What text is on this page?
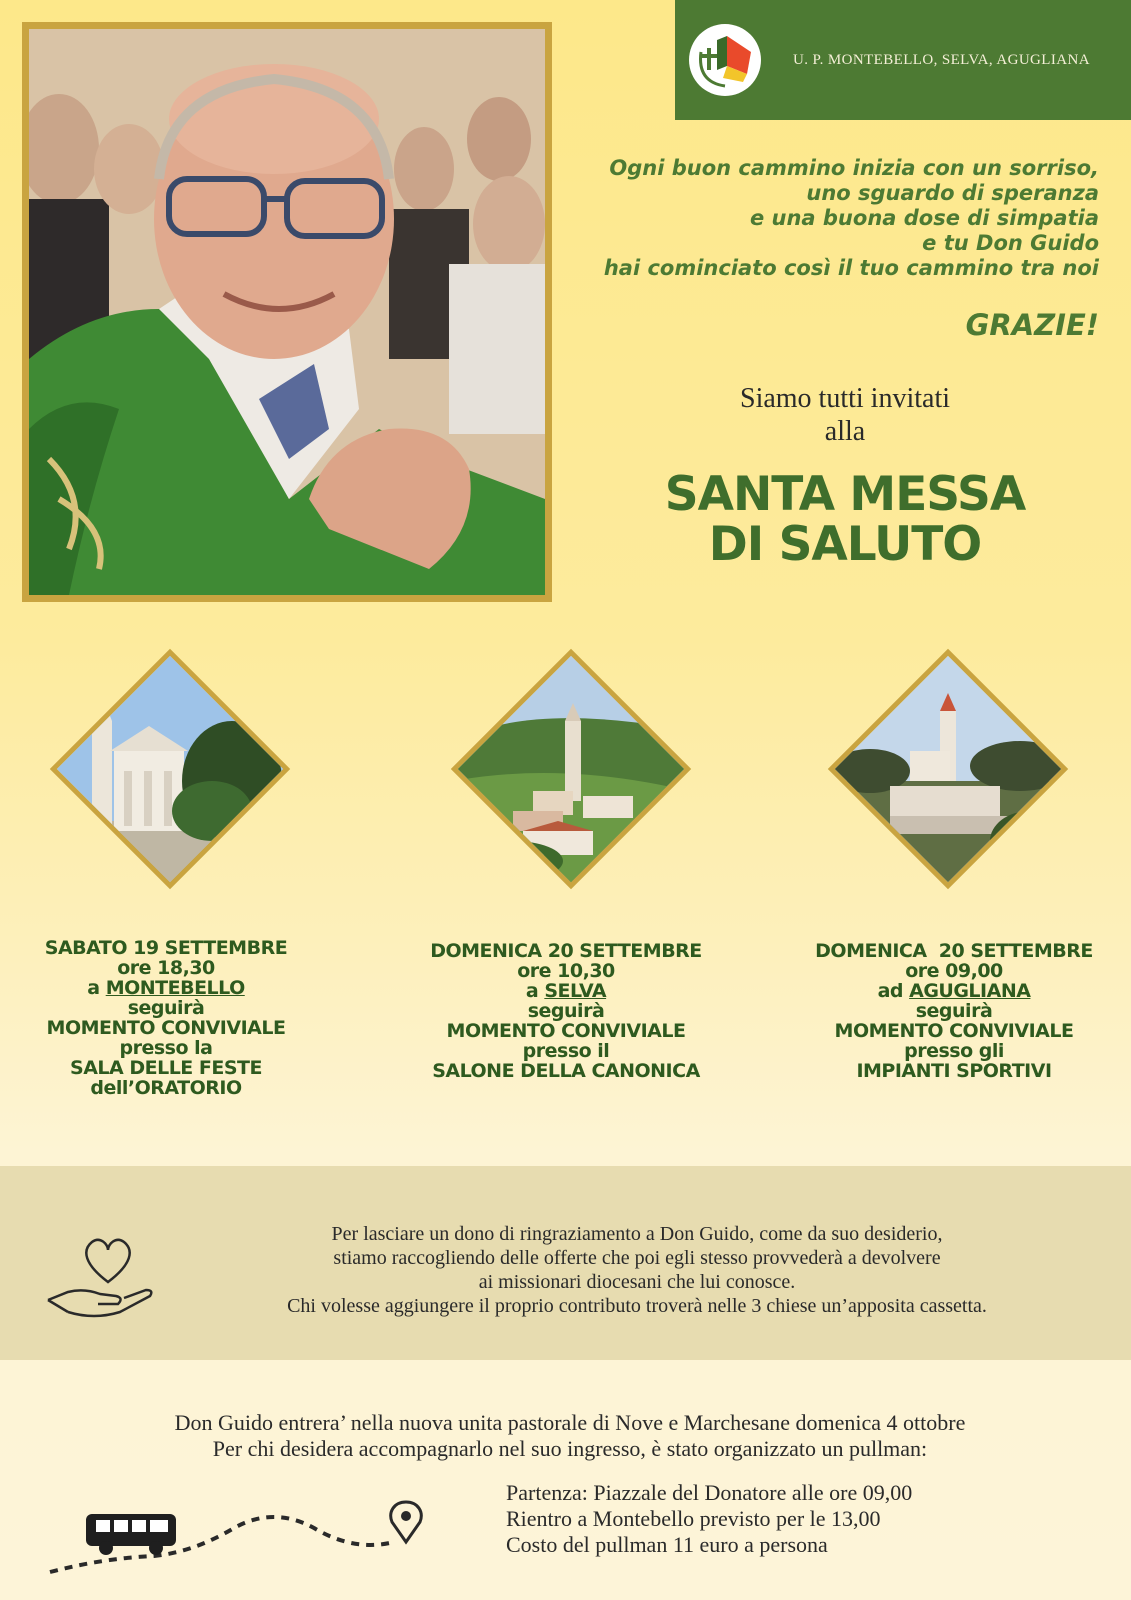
U. P. MONTEBELLO, SELVA, AGUGLIANA
Ogni buon cammino inizia con un sorriso,
uno sguardo di speranza
e una buona dose di simpatia
e tu Don Guido
hai cominciato così il tuo cammino tra noi
GRAZIE!
Siamo tutti invitati
alla
SANTA MESSA
DI SALUTO
SABATO 19 SETTEMBRE
ore 18,30
a MONTEBELLO
seguirà
MOMENTO CONVIVIALE
presso la
SALA DELLE FESTE
dell’ORATORIO
DOMENICA 20 SETTEMBRE
ore 10,30
a SELVA
seguirà
MOMENTO CONVIVIALE
presso il
SALONE DELLA CANONICA
DOMENICA  20 SETTEMBRE
ore 09,00
ad AGUGLIANA
seguirà
MOMENTO CONVIVIALE
presso gli
IMPIANTI SPORTIVI
Per lasciare un dono di ringraziamento a Don Guido, come da suo desiderio,
stiamo raccogliendo delle offerte che poi egli stesso provvederà a devolvere
ai missionari diocesani che lui conosce.
Chi volesse aggiungere il proprio contributo troverà nelle 3 chiese un’apposita cassetta.
Don Guido entrera’ nella nuova unita pastorale di Nove e Marchesane domenica 4 ottobre
Per chi desidera accompagnarlo nel suo ingresso, è stato organizzato un pullman:
Partenza: Piazzale del Donatore alle ore 09,00
Rientro a Montebello previsto per le 13,00
Costo del pullman 11 euro a persona
